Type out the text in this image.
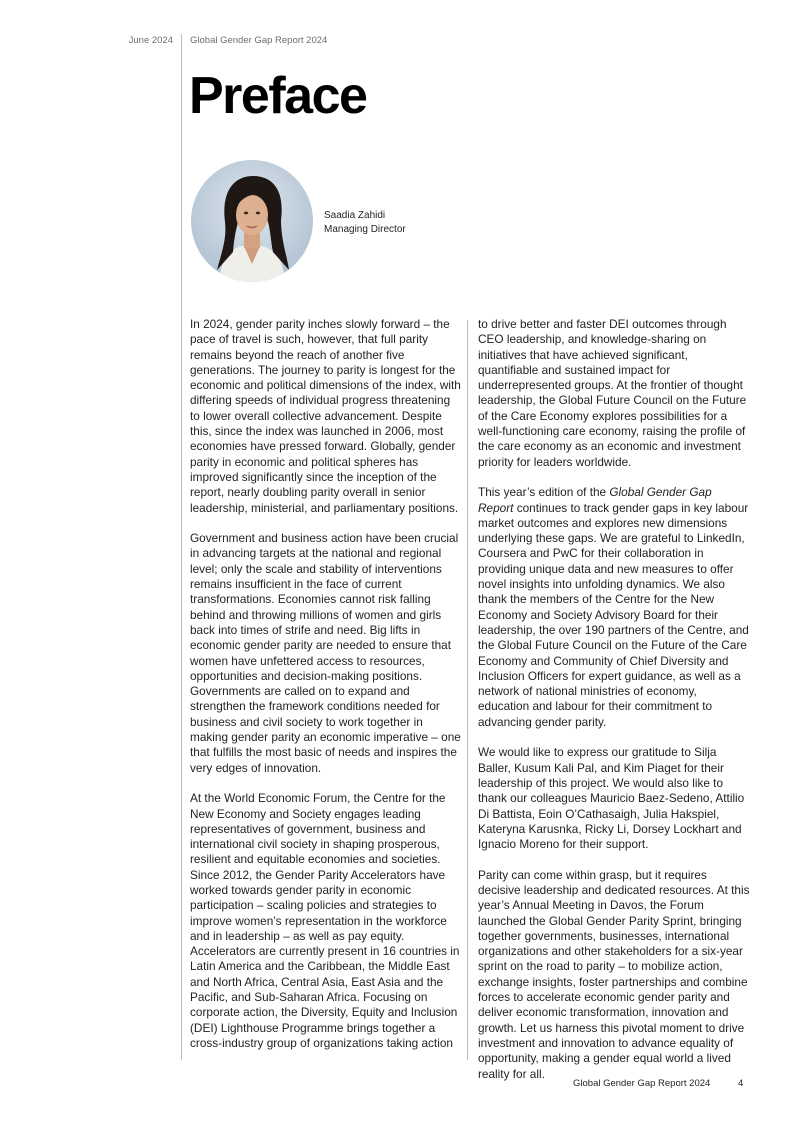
June 2024 Global Gender Gap Report 2024
Preface
Saadia Zahidi
Managing Director

In 2024, gender parity inches slowly forward – the pace of travel is such, however, that full parity remains beyond the reach of another five generations. The journey to parity is longest for the economic and political dimensions of the index, with differing speeds of individual progress threatening to lower overall collective advancement. Despite this, since the index was launched in 2006, most economies have pressed forward. Globally, gender parity in economic and political spheres has improved significantly since the inception of the report, nearly doubling parity overall in senior leadership, ministerial, and parliamentary positions.

Government and business action have been crucial in advancing targets at the national and regional level; only the scale and stability of interventions remains insufficient in the face of current transformations. Economies cannot risk falling behind and throwing millions of women and girls back into times of strife and need. Big lifts in economic gender parity are needed to ensure that women have unfettered access to resources, opportunities and decision-making positions. Governments are called on to expand and strengthen the framework conditions needed for business and civil society to work together in making gender parity an economic imperative – one that fulfills the most basic of needs and inspires the very edges of innovation.

At the World Economic Forum, the Centre for the New Economy and Society engages leading representatives of government, business and international civil society in shaping prosperous, resilient and equitable economies and societies. Since 2012, the Gender Parity Accelerators have worked towards gender parity in economic participation – scaling policies and strategies to improve women’s representation in the workforce and in leadership – as well as pay equity. Accelerators are currently present in 16 countries in Latin America and the Caribbean, the Middle East and North Africa, Central Asia, East Asia and the Pacific, and Sub-Saharan Africa. Focusing on corporate action, the Diversity, Equity and Inclusion (DEI) Lighthouse Programme brings together a cross-industry group of organizations taking action

to drive better and faster DEI outcomes through CEO leadership, and knowledge-sharing on initiatives that have achieved significant, quantifiable and sustained impact for underrepresented groups. At the frontier of thought leadership, the Global Future Council on the Future of the Care Economy explores possibilities for a well-functioning care economy, raising the profile of the care economy as an economic and investment priority for leaders worldwide.

This year’s edition of the Global Gender Gap Report continues to track gender gaps in key labour market outcomes and explores new dimensions underlying these gaps. We are grateful to LinkedIn, Coursera and PwC for their collaboration in providing unique data and new measures to offer novel insights into unfolding dynamics. We also thank the members of the Centre for the New Economy and Society Advisory Board for their leadership, the over 190 partners of the Centre, and the Global Future Council on the Future of the Care Economy and Community of Chief Diversity and Inclusion Officers for expert guidance, as well as a network of national ministries of economy, education and labour for their commitment to advancing gender parity.

We would like to express our gratitude to Silja Baller, Kusum Kali Pal, and Kim Piaget for their leadership of this project. We would also like to thank our colleagues Mauricio Baez-Sedeno, Attilio Di Battista, Eoin O’Cathasaigh, Julia Hakspiel, Kateryna Karusnka, Ricky Li, Dorsey Lockhart and Ignacio Moreno for their support.

Parity can come within grasp, but it requires decisive leadership and dedicated resources. At this year’s Annual Meeting in Davos, the Forum launched the Global Gender Parity Sprint, bringing together governments, businesses, international organizations and other stakeholders for a six-year sprint on the road to parity – to mobilize action, exchange insights, foster partnerships and combine forces to accelerate economic gender parity and deliver economic transformation, innovation and growth. Let us harness this pivotal moment to drive investment and innovation to advance equality of opportunity, making a gender equal world a lived reality for all.

Global Gender Gap Report 2024	4
